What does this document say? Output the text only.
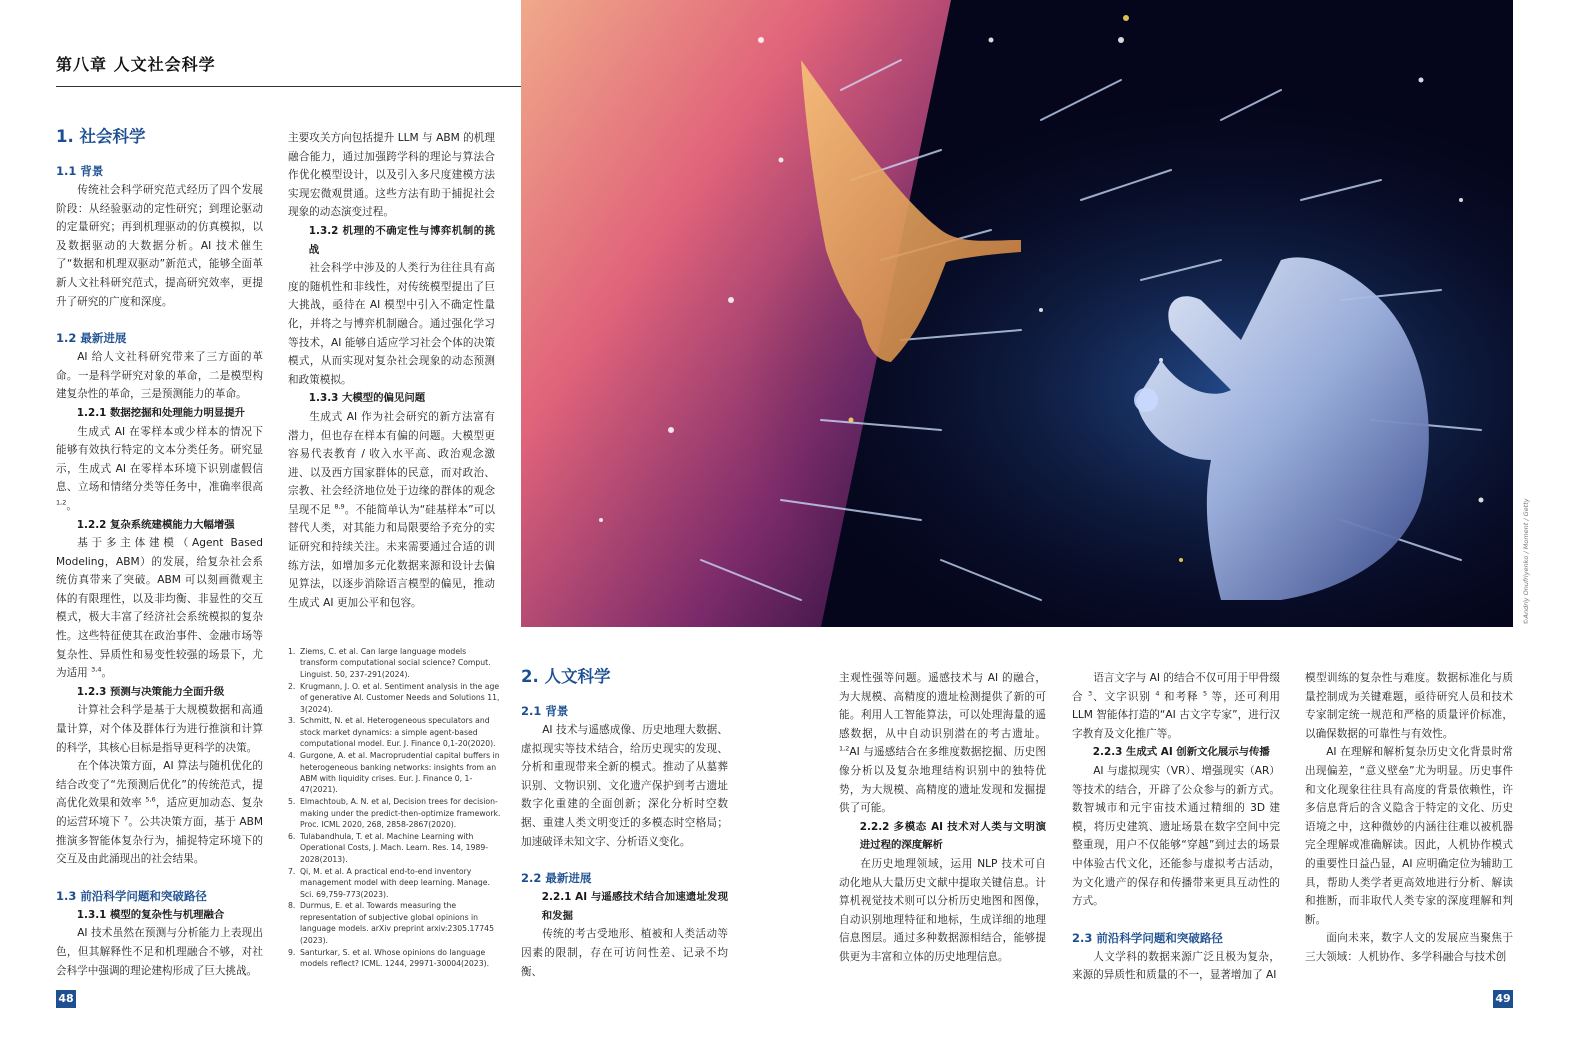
第八章 人文社会科学
1. 社会科学
1.1 背景

传统社会科学研究范式经历了四个发展阶段：从经验驱动的定性研究；到理论驱动的定量研究；再到机理驱动的仿真模拟，以及数据驱动的大数据分析。AI 技术催生了“数据和机理双驱动”新范式，能够全面革新人文社科研究范式，提高研究效率，更提升了研究的广度和深度。

1.2 最新进展

AI 给人文社科研究带来了三方面的革命。一是科学研究对象的革命，二是模型构建复杂性的革命，三是预测能力的革命。

1.2.1 数据挖掘和处理能力明显提升

生成式 AI 在零样本或少样本的情况下能够有效执行特定的文本分类任务。研究显示，生成式 AI 在零样本环境下识别虚假信息、立场和情绪分类等任务中，准确率很高 $^{1,2}$。

1.2.2 复杂系统建模能力大幅增强

基于多主体建模（Agent Based Modeling，ABM）的发展，给复杂社会系统仿真带来了突破。ABM 可以刻画微观主体的有限理性，以及非均衡、非显性的交互模式，极大丰富了经济社会系统模拟的复杂性。这些特征使其在政治事件、金融市场等复杂性、异质性和易变性较强的场景下，尤为适用 $^{3,4}$。

1.2.3 预测与决策能力全面升级

计算社会科学是基于大规模数据和高通量计算，对个体及群体行为进行推演和计算的科学，其核心目标是指导更科学的决策。

在个体决策方面，AI 算法与随机优化的结合改变了“先预测后优化”的传统范式，提高优化效果和效率 $^{5,6}$，适应更加动态、复杂的运营环境下 $^7$。公共决策方面，基于 ABM 推演多智能体复杂行为，捕捉特定环境下的交互及由此涌现出的社会结果。

1.3 前沿科学问题和突破路径
1.3.1 模型的复杂性与机理融合

AI 技术虽然在预测与分析能力上表现出色，但其解释性不足和机理融合不够，对社会科学中强调的理论建构形成了巨大挑战。

主要攻关方向包括提升 LLM 与 ABM 的机理融合能力，通过加强跨学科的理论与算法合作优化模型设计，以及引入多尺度建模方法实现宏微观贯通。这些方法有助于捕捉社会现象的动态演变过程。

1.3.2 机理的不确定性与博弈机制的挑战

社会科学中涉及的人类行为往往具有高度的随机性和非线性，对传统模型提出了巨大挑战，亟待在 AI 模型中引入不确定性量化，并将之与博弈机制融合。通过强化学习等技术，AI 能够自适应学习社会个体的决策模式，从而实现对复杂社会现象的动态预测和政策模拟。

1.3.3 大模型的偏见问题

生成式 AI 作为社会研究的新方法富有潜力，但也存在样本有偏的问题。大模型更容易代表教育 / 收入水平高、政治观念激进、以及西方国家群体的民意，而对政治、宗教、社会经济地位处于边缘的群体的观念呈现不足 $^{8,9}$。不能简单认为“硅基样本”可以替代人类，对其能力和局限要给予充分的实证研究和持续关注。未来需要通过合适的训练方法，如增加多元化数据来源和设计去偏见算法，以逐步消除语言模型的偏见，推动生成式 AI 更加公平和包容。

1. Ziems, C. et al. Can large language models transform computational social science? Comput. Linguist. 50, 237-291(2024).
2. Krugmann, J. O. et al. Sentiment analysis in the age of generative AI. Customer Needs and Solutions 11, 3(2024).
3. Schmitt, N. et al. Heterogeneous speculators and stock market dynamics: a simple agent-based computational model. Eur. J. Finance 0,1-20(2020).
4. Gurgone, A. et al. Macroprudential capital buffers in heterogeneous banking networks: insights from an ABM with liquidity crises. Eur. J. Finance 0, 1-47(2021).
5. Elmachtoub, A. N. et al, Decision trees for decision-making under the predict-then-optimize framework. Proc. ICML 2020, 268, 2858-2867(2020).
6. Tulabandhula, T. et al. Machine Learning with Operational Costs, J. Mach. Learn. Res. 14, 1989-2028(2013).
7. Qi, M. et al. A practical end-to-end inventory management model with deep learning. Manage. Sci. 69,759-773(2023).
8. Durmus, E. et al. Towards measuring the representation of subjective global opinions in language models. arXiv preprint arxiv:2305.17745 (2023).
9. Santurkar, S. et al. Whose opinions do language models reflect? ICML. 1244, 29971-30004(2023).
©Andriy Onufriyenko / Moment / Getty
2. 人文科学
2.1 背景

AI 技术与遥感成像、历史地理大数据、虚拟现实等技术结合，给历史现实的发现、分析和重现带来全新的模式。推动了从墓葬识别、文物识别、文化遗产保护到考古遗址数字化重建的全面创新；深化分析时空数据、重建人类文明变迁的多模态时空格局；加速破译未知文字、分析语义变化。

2.2 最新进展
2.2.1 AI 与遥感技术结合加速遗址发现和发掘

传统的考古受地形、植被和人类活动等因素的限制，存在可访问性差、记录不均衡、

主观性强等问题。遥感技术与 AI 的融合，为大规模、高精度的遗址检测提供了新的可能。利用人工智能算法，可以处理海量的遥感数据，从中自动识别潜在的考古遗址。$^{1,2}$AI 与遥感结合在多维度数据挖掘、历史图像分析以及复杂地理结构识别中的独特优势，为大规模、高精度的遗址发现和发掘提供了可能。

2.2.2 多模态 AI 技术对人类与文明演进过程的深度解析

在历史地理领域，运用 NLP 技术可自动化地从大量历史文献中提取关键信息。计算机视觉技术则可以分析历史地图和图像，自动识别地理特征和地标，生成详细的地理信息图层。通过多种数据源相结合，能够提供更为丰富和立体的历史地理信息。

语言文字与 AI 的结合不仅可用于甲骨缀合 $^3$、文字识别 $^4$ 和考释 $^5$ 等，还可利用 LLM 智能体打造的“AI 古文字专家”，进行汉字教育及文化推广等。

2.2.3 生成式 AI 创新文化展示与传播

AI 与虚拟现实（VR）、增强现实（AR）等技术的结合，开辟了公众参与的新方式。数智城市和元宇宙技术通过精细的 3D 建模，将历史建筑、遗址场景在数字空间中完整重现，用户不仅能够“穿越”到过去的场景中体验古代文化，还能参与虚拟考古活动，为文化遗产的保存和传播带来更具互动性的方式。

2.3 前沿科学问题和突破路径

人文学科的数据来源广泛且极为复杂，来源的异质性和质量的不一，显著增加了 AI

模型训练的复杂性与难度。数据标准化与质量控制成为关键难题，亟待研究人员和技术专家制定统一规范和严格的质量评价标准，以确保数据的可靠性与有效性。

AI 在理解和解析复杂历史文化背景时常出现偏差，“意义壁垒”尤为明显。历史事件和文化现象往往具有高度的背景依赖性，许多信息背后的含义隐含于特定的文化、历史语境之中，这种微妙的内涵往往难以被机器完全理解或准确解读。因此，人机协作模式的重要性日益凸显，AI 应明确定位为辅助工具，帮助人类学者更高效地进行分析、解读和推断，而非取代人类专家的深度理解和判断。

面向未来，数字人文的发展应当聚焦于三大领域：人机协作、多学科融合与技术创

48	49
